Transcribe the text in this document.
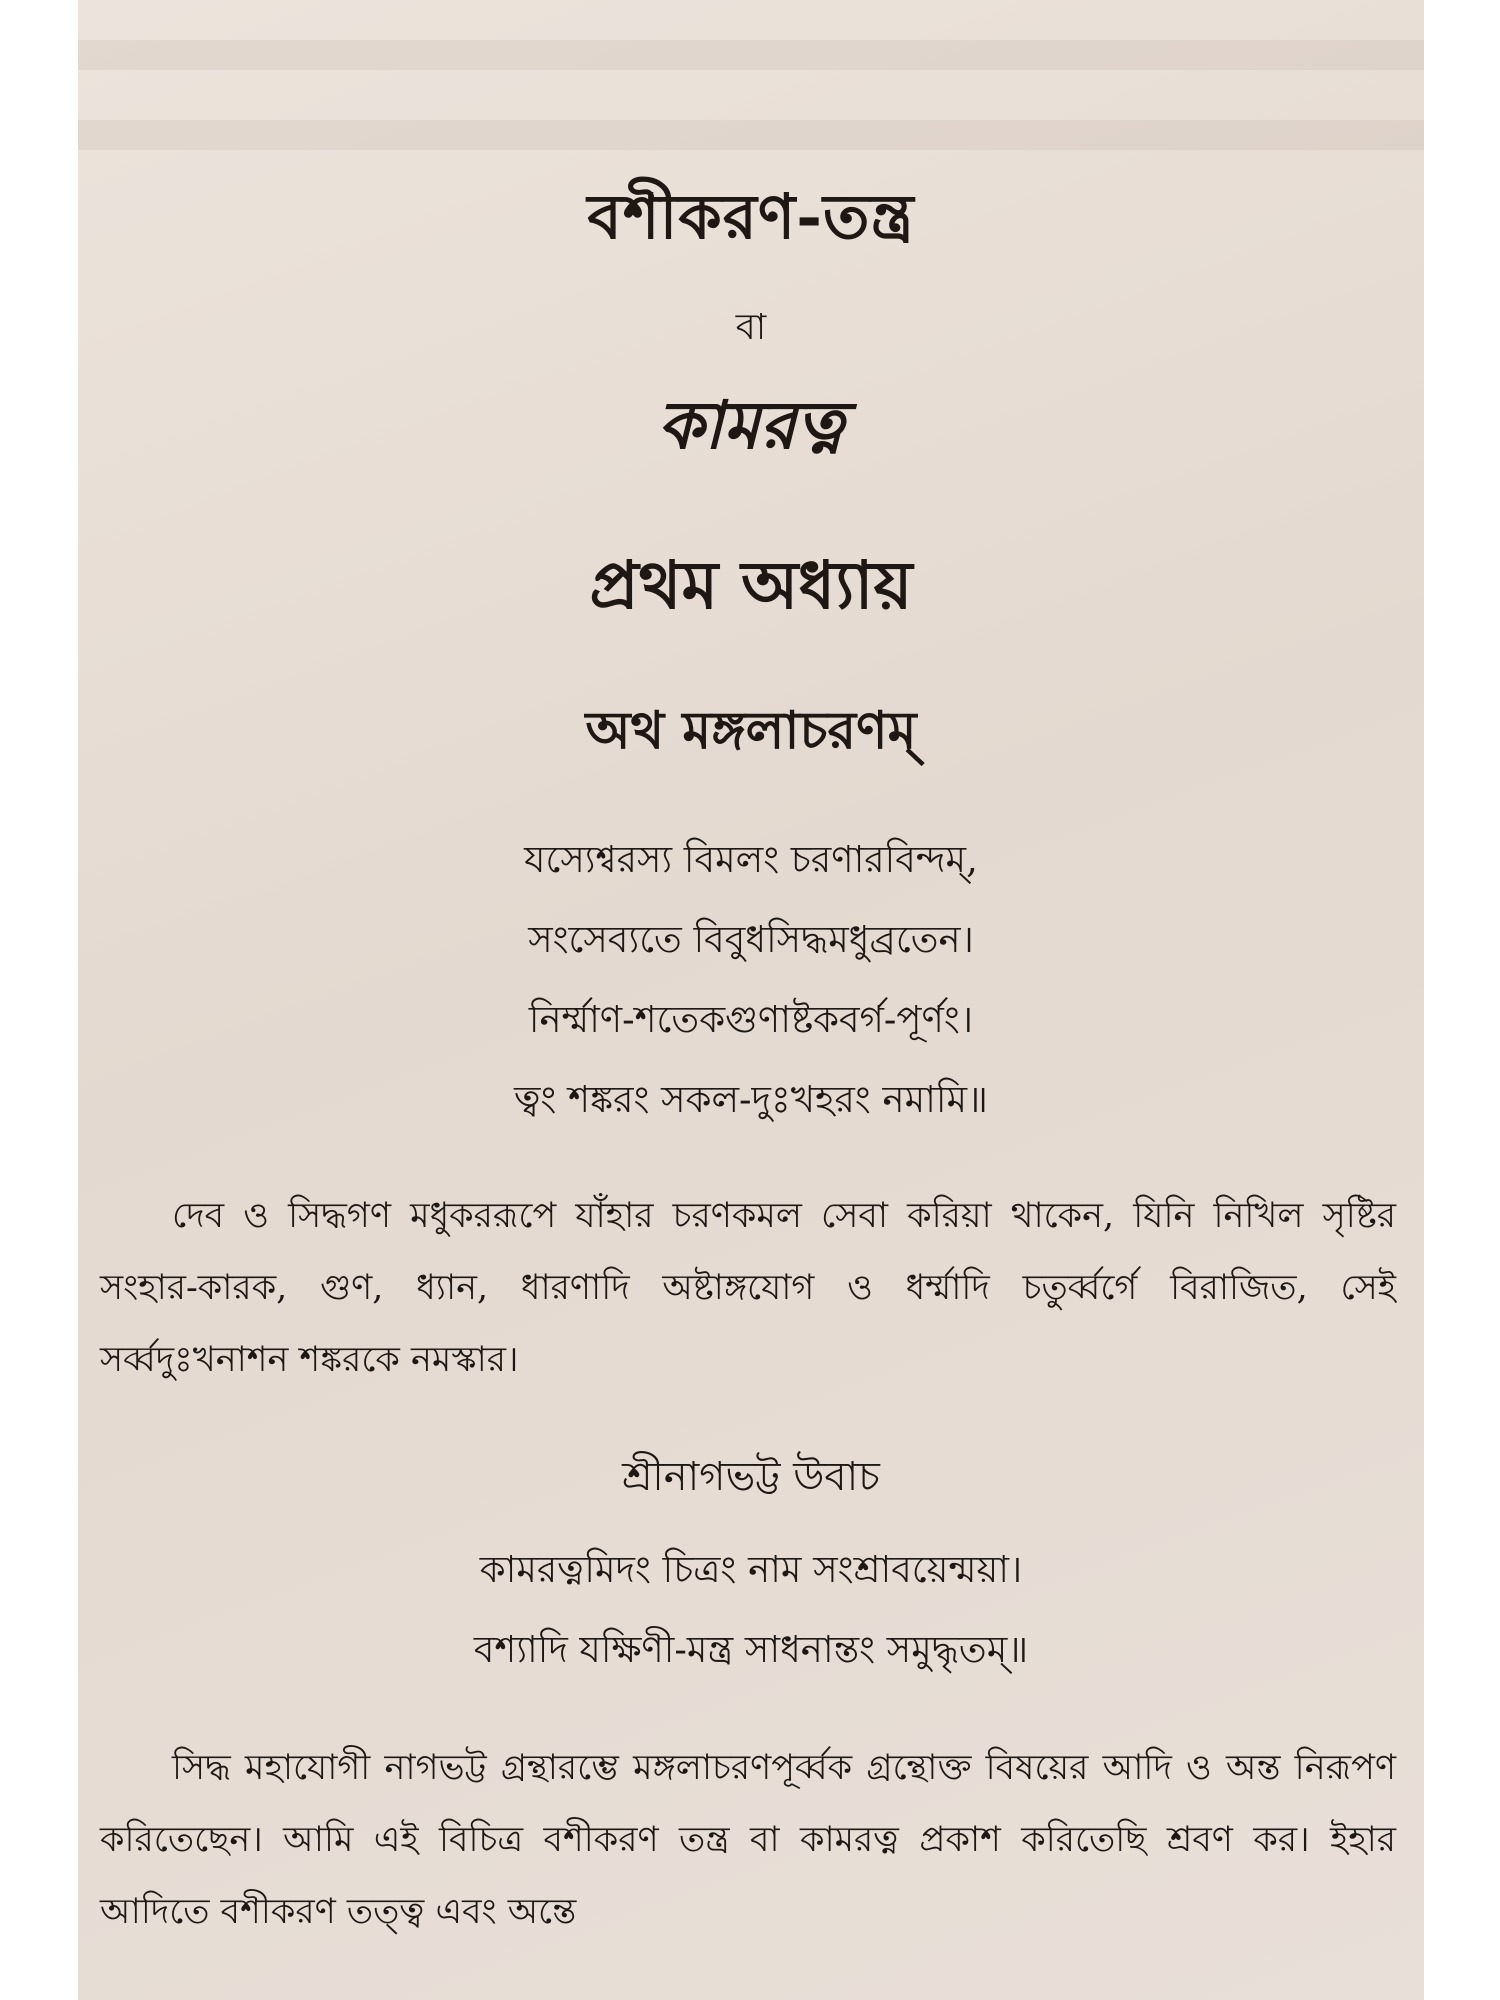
বশীকরণ-তন্ত্র
বা
কামরত্ন
প্রথম অধ্যায়
অথ মঙ্গলাচরণম্
যস্যেশ্বরস্য বিমলং চরণারবিন্দম্,
সংসেব্যতে বিবুধসিদ্ধমধুব্রতেন।
নির্ম্মাণ-শতেকগুণাষ্টকবর্গ-পূর্ণং।
ত্বং শঙ্করং সকল-দুঃখহরং নমামি॥

দেব ও সিদ্ধগণ মধুকররূপে যাঁহার চরণকমল সেবা করিয়া থাকেন, যিনি নিখিল সৃষ্টির সংহার-কারক, গুণ, ধ্যান, ধারণাদি অষ্টাঙ্গযোগ ও ধর্ম্মাদি চতুর্ব্বর্গে বিরাজিত, সেই সর্ব্বদুঃখনাশন শঙ্করকে নমস্কার।

শ্রীনাগভট্ট উবাচ
কামরত্নমিদং চিত্রং নাম সংশ্রাবয়েন্ময়া।
বশ্যাদি যক্ষিণী-মন্ত্র সাধনান্তং সমুদ্ধৃতম্॥

সিদ্ধ মহাযোগী নাগভট্ট গ্রন্থারম্ভে মঙ্গলাচরণপূর্ব্বক গ্রন্থোক্ত বিষয়ের আদি ও অন্ত নিরূপণ করিতেছেন। আমি এই বিচিত্র বশীকরণ তন্ত্র বা কামরত্ন প্রকাশ করিতেছি শ্রবণ কর। ইহার আদিতে বশীকরণ তত্ত্ব এবং অন্তে
